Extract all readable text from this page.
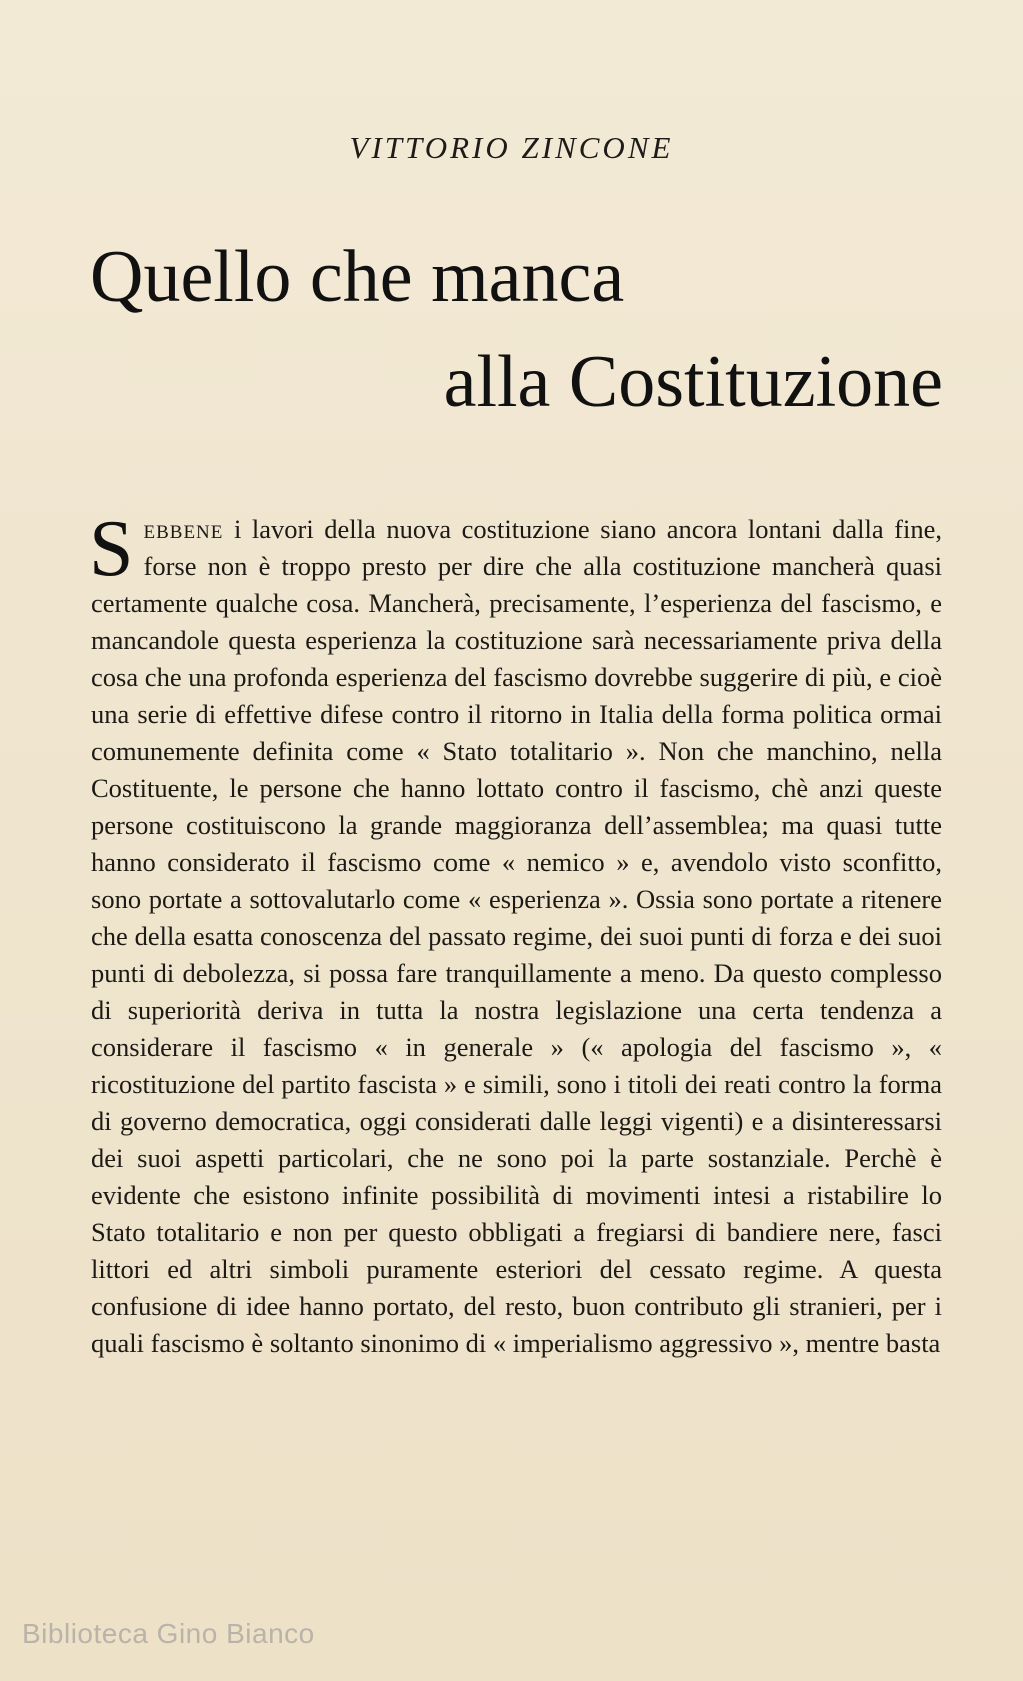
VITTORIO ZINCONE
Quello che manca
alla Costituzione
Sebbene i lavori della nuova costituzione siano ancora lontani dalla fine, forse non è troppo presto per dire che alla costituzione mancherà quasi certamente qualche cosa. Mancherà, precisamente, l’esperienza del fascismo, e mancandole questa esperienza la costituzione sarà necessariamente priva della cosa che una profonda esperienza del fascismo dovrebbe suggerire di più, e cioè una serie di effettive difese contro il ritorno in Italia della forma politica ormai comunemente definita come « Stato totalitario ». Non che manchino, nella Costituente, le persone che hanno lottato contro il fascismo, chè anzi queste persone costituiscono la grande maggioranza dell’assemblea; ma quasi tutte hanno considerato il fascismo come « nemico » e, avendolo visto sconfitto, sono portate a sottovalutarlo come « esperienza ». Ossia sono portate a ritenere che della esatta conoscenza del passato regime, dei suoi punti di forza e dei suoi punti di debolezza, si possa fare tranquillamente a meno. Da questo complesso di superiorità deriva in tutta la nostra legislazione una certa tendenza a considerare il fascismo « in generale » (« apologia del fascismo », « ricostituzione del partito fascista » e simili, sono i titoli dei reati contro la forma di governo democratica, oggi considerati dalle leggi vigenti) e a disinteressarsi dei suoi aspetti particolari, che ne sono poi la parte sostanziale. Perchè è evidente che esistono infinite possibilità di movimenti intesi a ristabilire lo Stato totalitario e non per questo obbligati a fregiarsi di bandiere nere, fasci littori ed altri simboli puramente esteriori del cessato regime. A questa confusione di idee hanno portato, del resto, buon contributo gli stranieri, per i quali fascismo è soltanto sinonimo di « imperialismo aggressivo », mentre basta
Biblioteca Gino Bianco
